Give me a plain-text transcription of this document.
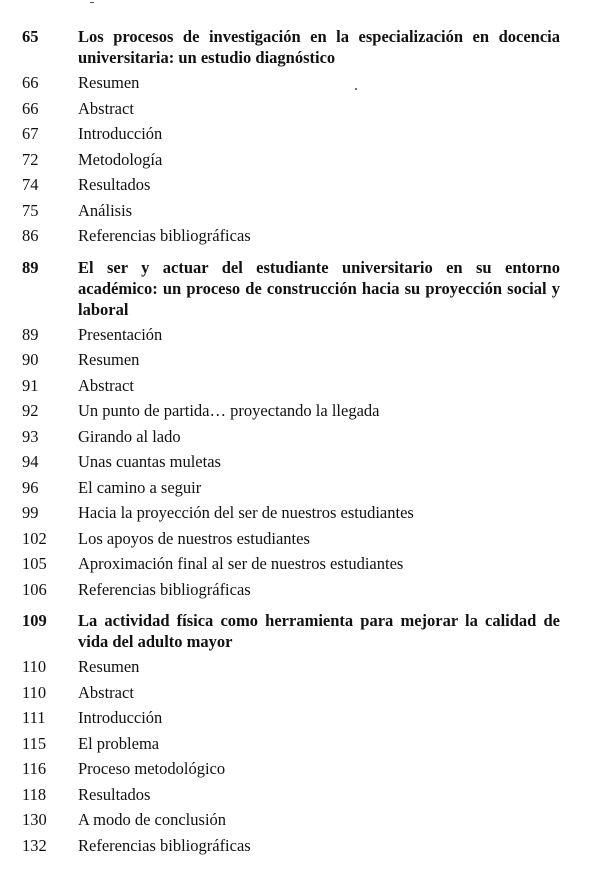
65	Los procesos de investigación en la especialización en docencia universitaria: un estudio diagnóstico
66	Resumen
66	Abstract
67	Introducción
72	Metodología
74	Resultados
75	Análisis
86	Referencias bibliográficas
89	El ser y actuar del estudiante universitario en su entorno académico: un proceso de construcción hacia su proyección social y laboral
89	Presentación
90	Resumen
91	Abstract
92	Un punto de partida… proyectando la llegada
93	Girando al lado
94	Unas cuantas muletas
96	El camino a seguir
99	Hacia la proyección del ser de nuestros estudiantes
102	Los apoyos de nuestros estudiantes
105	Aproximación final al ser de nuestros estudiantes
106	Referencias bibliográficas
109	La actividad física como herramienta para mejorar la calidad de vida del adulto mayor
110	Resumen
110	Abstract
111	Introducción
115	El problema
116	Proceso metodológico
118	Resultados
130	A modo de conclusión
132	Referencias bibliográficas
